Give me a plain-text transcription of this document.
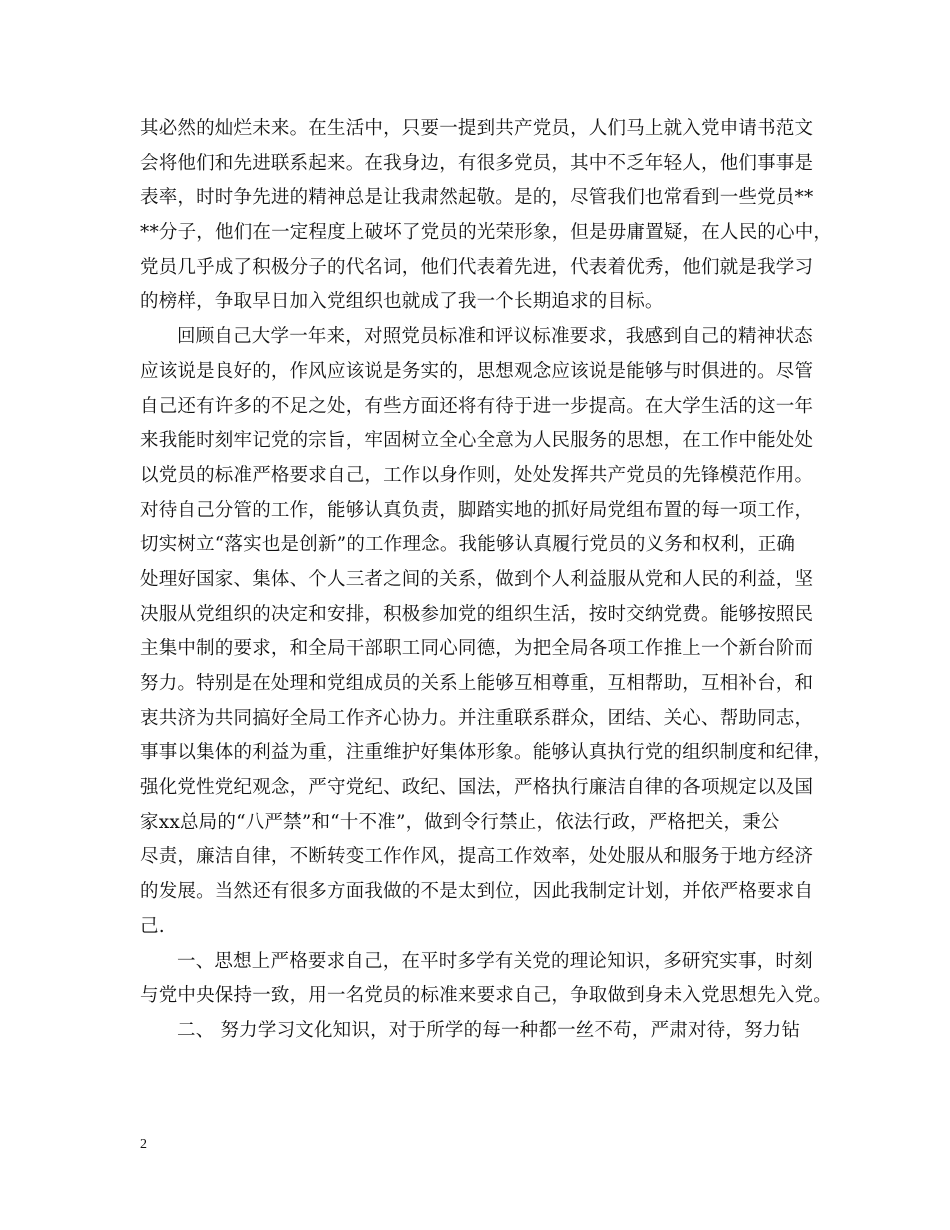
其必然的灿烂未来。在生活中，只要一提到共产党员，人们马上就入党申请书范文
会将他们和先进联系起来。在我身边，有很多党员，其中不乏年轻人，他们事事是
表率，时时争先进的精神总是让我肃然起敬。是的，尽管我们也常看到一些党员**
**分子，他们在一定程度上破坏了党员的光荣形象，但是毋庸置疑，在人民的心中，
党员几乎成了积极分子的代名词，他们代表着先进，代表着优秀，他们就是我学习
的榜样，争取早日加入党组织也就成了我一个长期追求的目标。
回顾自己大学一年来，对照党员标准和评议标准要求，我感到自己的精神状态
应该说是良好的，作风应该说是务实的，思想观念应该说是能够与时俱进的。尽管
自己还有许多的不足之处，有些方面还将有待于进一步提高。在大学生活的这一年
来我能时刻牢记党的宗旨，牢固树立全心全意为人民服务的思想，在工作中能处处
以党员的标准严格要求自己，工作以身作则，处处发挥共产党员的先锋模范作用。
对待自己分管的工作，能够认真负责，脚踏实地的抓好局党组布置的每一项工作，
切实树立“落实也是创新”的工作理念。我能够认真履行党员的义务和权利，正确
处理好国家、集体、个人三者之间的关系，做到个人利益服从党和人民的利益，坚
决服从党组织的决定和安排，积极参加党的组织生活，按时交纳党费。能够按照民
主集中制的要求，和全局干部职工同心同德，为把全局各项工作推上一个新台阶而
努力。特别是在处理和党组成员的关系上能够互相尊重，互相帮助，互相补台，和
衷共济为共同搞好全局工作齐心协力。并注重联系群众，团结、关心、帮助同志，
事事以集体的利益为重，注重维护好集体形象。能够认真执行党的组织制度和纪律，
强化党性党纪观念，严守党纪、政纪、国法，严格执行廉洁自律的各项规定以及国
家xx总局的“八严禁”和“十不准”，做到令行禁止，依法行政，严格把关，秉公
尽责，廉洁自律，不断转变工作作风，提高工作效率，处处服从和服务于地方经济
的发展。当然还有很多方面我做的不是太到位，因此我制定计划，并依严格要求自
己.
一、思想上严格要求自己，在平时多学有关党的理论知识，多研究实事，时刻
与党中央保持一致，用一名党员的标准来要求自己，争取做到身未入党思想先入党。
二、 努力学习文化知识，对于所学的每一种都一丝不苟，严肃对待，努力钻
2
